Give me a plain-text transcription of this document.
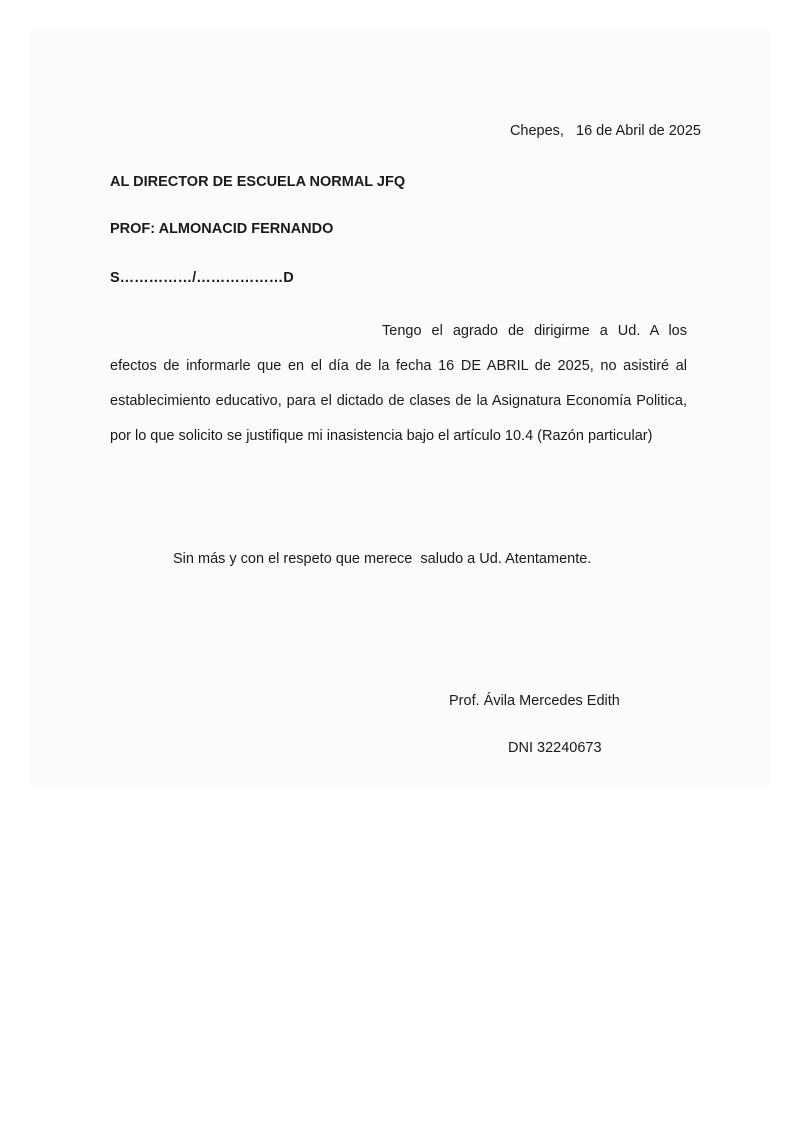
Chepes,   16 de Abril de 2025
AL DIRECTOR DE ESCUELA NORMAL JFQ
PROF: ALMONACID FERNANDO
S……………/………………D

Tengo el agrado de dirigirme a Ud. A los efectos de informarle que en el día de la fecha 16 DE ABRIL de 2025, no asistiré al establecimiento educativo, para el dictado de clases de la Asignatura Economía Politica, por lo que solicito se justifique mi inasistencia bajo el artículo 10.4 (Razón particular)

Sin más y con el respeto que merece  saludo a Ud. Atentamente.
Prof. Ávila Mercedes Edith
DNI 32240673
